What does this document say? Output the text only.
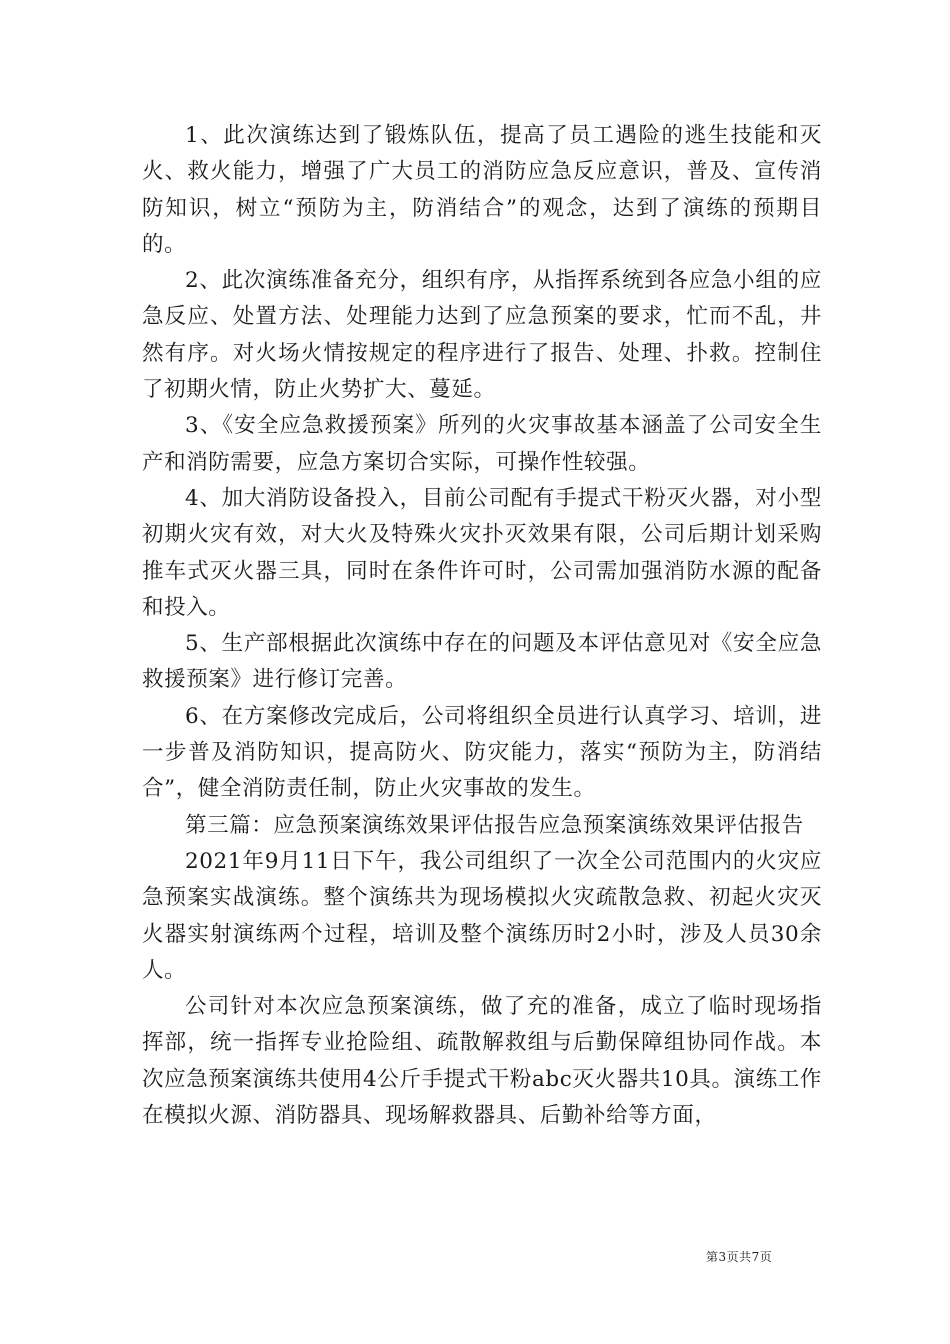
1、此次演练达到了锻炼队伍，提高了员工遇险的逃生技能和灭火、救火能力，增强了广大员工的消防应急反应意识，普及、宣传消防知识，树立“预防为主，防消结合”的观念，达到了演练的预期目的。

2、此次演练准备充分，组织有序，从指挥系统到各应急小组的应急反应、处置方法、处理能力达到了应急预案的要求，忙而不乱，井然有序。对火场火情按规定的程序进行了报告、处理、扑救。控制住了初期火情，防止火势扩大、蔓延。

3、《安全应急救援预案》所列的火灾事故基本涵盖了公司安全生产和消防需要，应急方案切合实际，可操作性较强。

4、加大消防设备投入，目前公司配有手提式干粉灭火器，对小型初期火灾有效，对大火及特殊火灾扑灭效果有限，公司后期计划采购推车式灭火器三具，同时在条件许可时，公司需加强消防水源的配备和投入。

5、生产部根据此次演练中存在的问题及本评估意见对《安全应急救援预案》进行修订完善。

6、在方案修改完成后，公司将组织全员进行认真学习、培训，进一步普及消防知识，提高防火、防灾能力，落实“预防为主，防消结合”，健全消防责任制，防止火灾事故的发生。

第三篇：应急预案演练效果评估报告应急预案演练效果评估报告

2021年9月11日下午，我公司组织了一次全公司范围内的火灾应急预案实战演练。整个演练共为现场模拟火灾疏散急救、初起火灾灭火器实射演练两个过程，培训及整个演练历时2小时，涉及人员30余人。

公司针对本次应急预案演练，做了充的准备，成立了临时现场指挥部，统一指挥专业抢险组、疏散解救组与后勤保障组协同作战。本次应急预案演练共使用4公斤手提式干粉abc灭火器共10具。演练工作在模拟火源、消防器具、现场解救器具、后勤补给等方面，

第3页共7页
